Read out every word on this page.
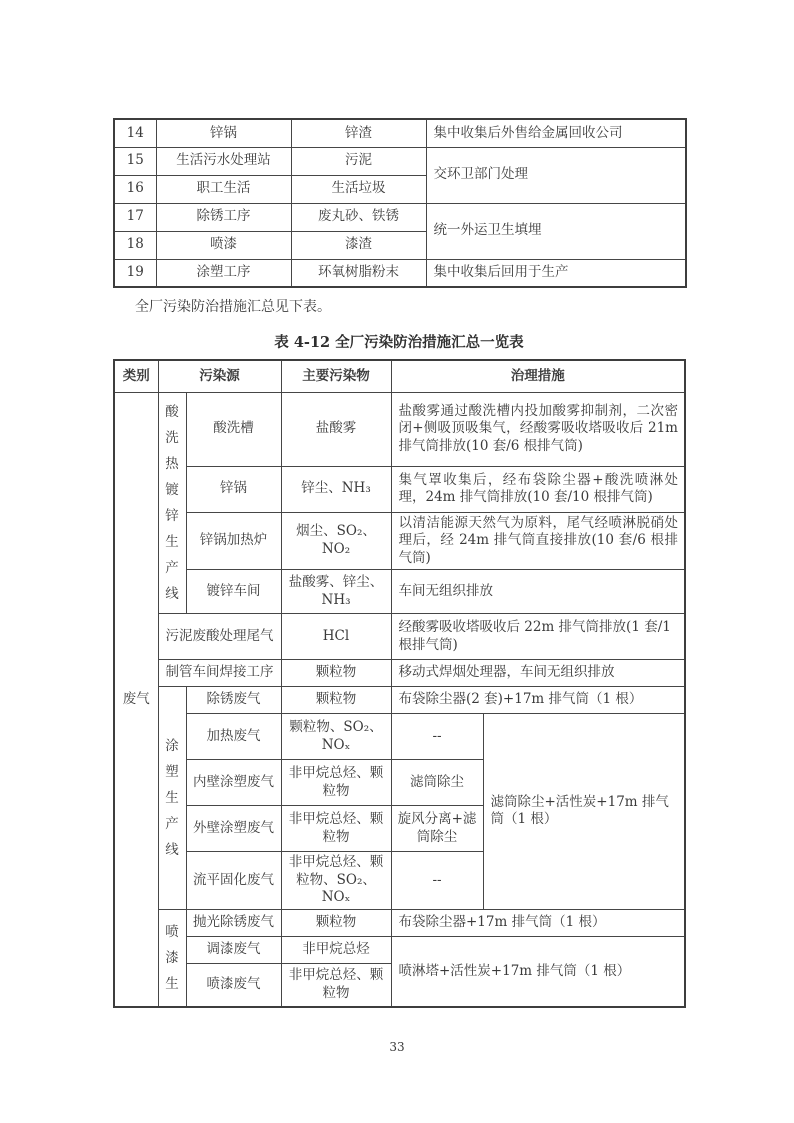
14	锌锅	锌渣	集中收集后外售给金属回收公司
15	生活污水处理站	污泥	交环卫部门处理
16	职工生活	生活垃圾	
17	除锈工序	废丸砂、铁锈	统一外运卫生填埋
18	喷漆	漆渣	
19	涂塑工序	环氧树脂粉末	集中收集后回用于生产

全厂污染防治措施汇总见下表。

表 4-12 全厂污染防治措施汇总一览表
类别	污染源		主要污染物	治理措施	
废气	酸洗热镀锌生产线	酸洗槽	盐酸雾	盐酸雾通过酸洗槽内投加酸雾抑制剂，二次密闭+侧吸顶吸集气，经酸雾吸收塔吸收后 21m 排气筒排放(10 套/6 根排气筒)	
		锌锅	锌尘、NH₃	集气罩收集后，经布袋除尘器+酸洗喷淋处理，24m 排气筒排放(10 套/10 根排气筒)	
		锌锅加热炉	烟尘、SO₂、NO₂	以清洁能源天然气为原料，尾气经喷淋脱硝处理后，经 24m 排气筒直接排放(10 套/6 根排气筒)	
		镀锌车间	盐酸雾、锌尘、NH₃	车间无组织排放	
	污泥废酸处理尾气		HCl	经酸雾吸收塔吸收后 22m 排气筒排放(1 套/1 根排气筒)	
	制管车间焊接工序		颗粒物	移动式焊烟处理器，车间无组织排放	

	涂塑生产线	除锈废气	颗粒物	布袋除尘器(2 套)+17m 排气筒（1 根）	
		加热废气	颗粒物、SO₂、NOₓ	--	滤筒除尘+活性炭+17m 排气筒（1 根）
		内壁涂塑废气	非甲烷总烃、颗粒物	滤筒除尘	
		外壁涂塑废气	非甲烷总烃、颗粒物	旋风分离+滤筒除尘	
		流平固化废气	非甲烷总烃、颗粒物、SO₂、NOₓ	--	

	喷漆生	抛光除锈废气	颗粒物	布袋除尘器+17m 排气筒（1 根）	
		调漆废气	非甲烷总烃	喷淋塔+活性炭+17m 排气筒（1 根）	
		喷漆废气	非甲烷总烃、颗粒物		
33
